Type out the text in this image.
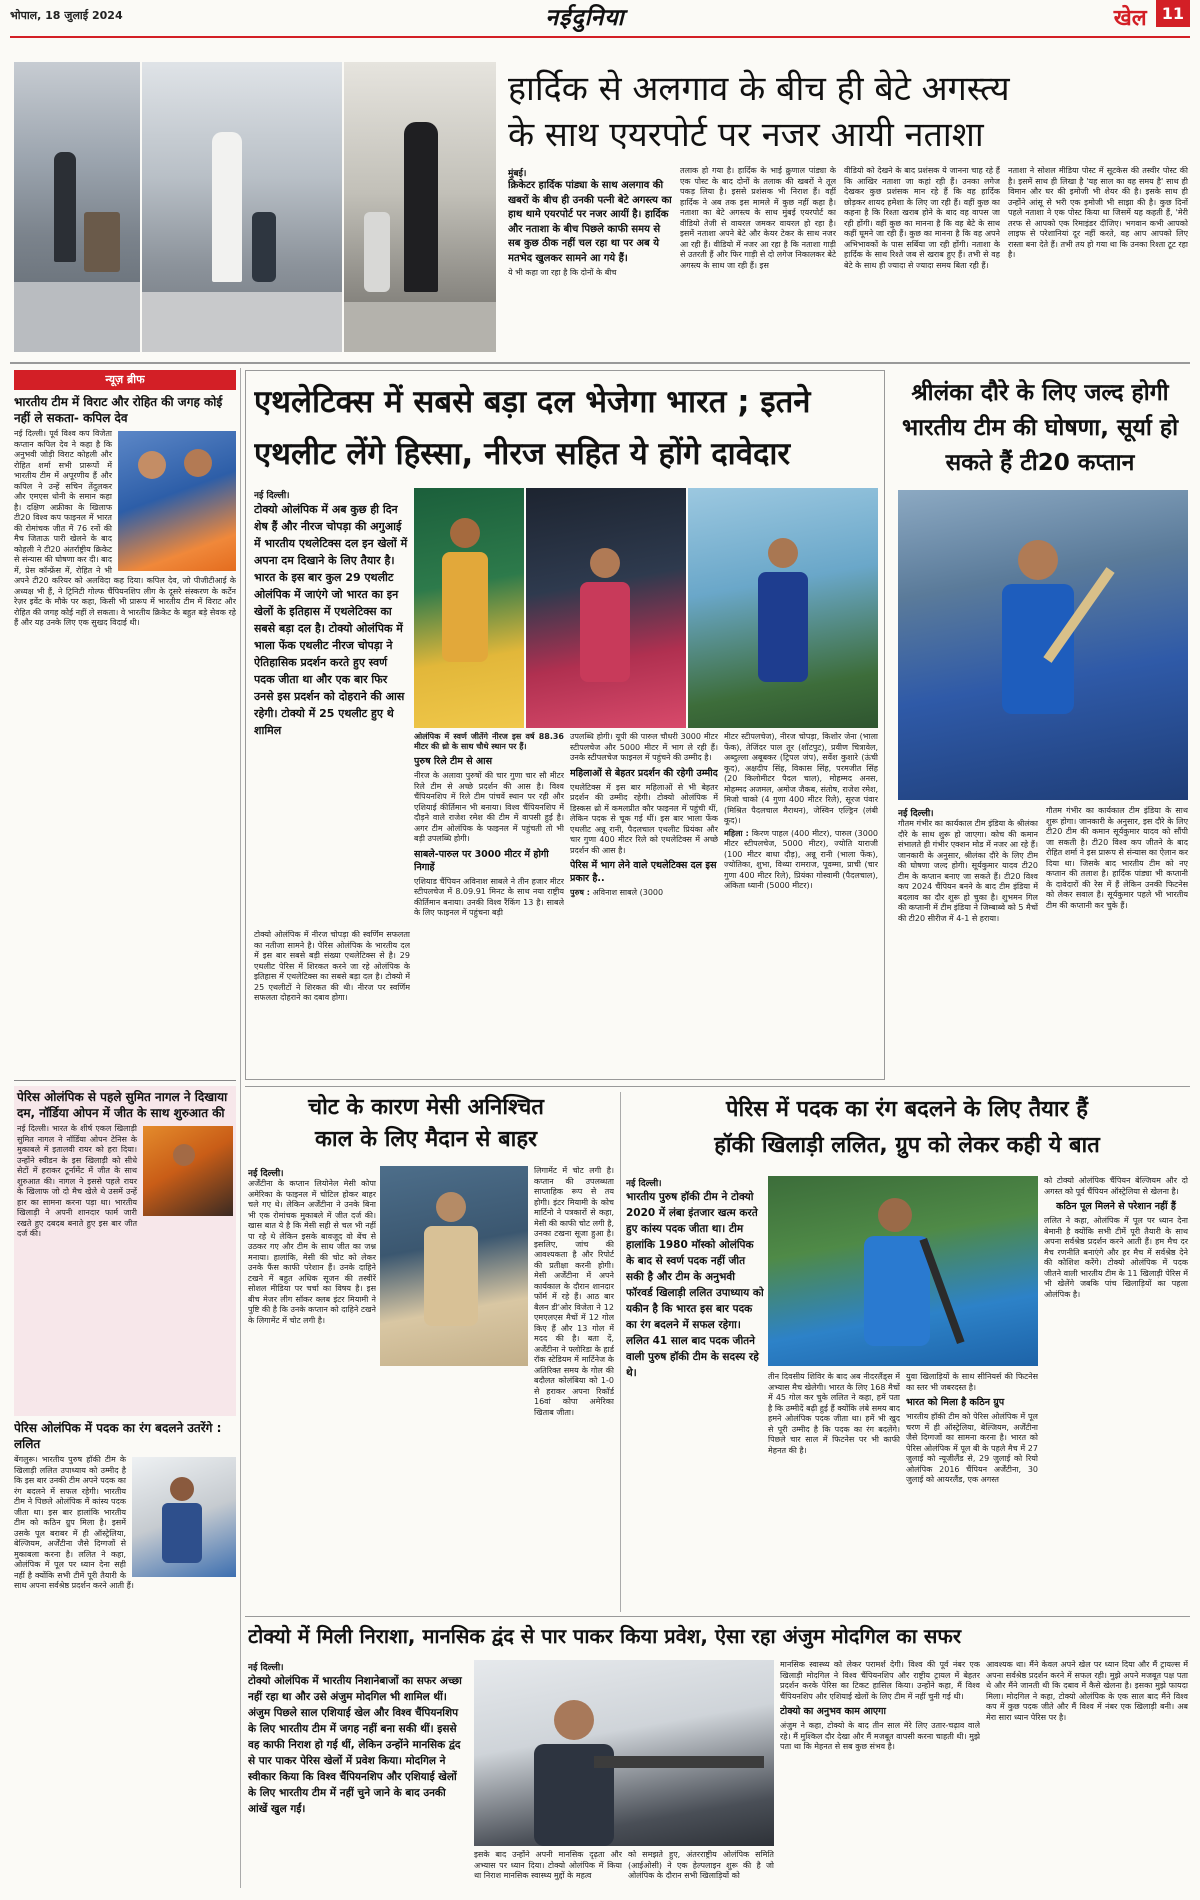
भोपाल, 18 जुलाई 2024	नईदुनिया	खेल 11
हार्दिक से अलगाव के बीच ही बेटे अगस्त्य
के साथ एयरपोर्ट पर नजर आयी नताशा
मुंबई।
क्रिकेटर हार्दिक पांड्या के साथ अलगाव की खबरों के बीच ही उनकी पत्नी बेटे अगस्त्य का हाथ थामे एयरपोर्ट पर नजर आयीं है। हार्दिक और नताशा के बीच पिछले काफी समय से सब कुछ ठीक नहीं चल रहा था पर अब ये मतभेद खुलकर सामने आ गये हैं।
ये भी कहा जा रहा है कि दोनों के बीच
तलाक हो गया है। हार्दिक के भाई क्रुणाल पांड्या के एक पोस्ट के बाद दोनों के तलाक की खबरों ने तूल पकड़ लिया है। इससे प्रशंसक भी निराश हैं। वहीं हार्दिक ने अब तक इस मामले में कुछ नहीं कहा है। नताशा का बेटे अगस्त्य के साथ मुंबई एयरपोर्ट का वीडियो तेजी से वायरल जमकर वायरल हो रहा है। इसमें नताशा अपने बेटे और केयर टेकर के साथ नजर आ रही हैं। वीडियो में नजर आ रहा है कि नताशा गाड़ी से उतरती हैं और फिर गाड़ी से दो लगेज निकालकर बेटे अगस्त्य के साथ जा रही हैं। इस
वीडियो को देखने के बाद प्रशंसक ये जानना चाह रहे हैं कि आखिर नताशा जा कहां रही हैं। उनका लगेज देखकर कुछ प्रशंसक मान रहे हैं कि वह हार्दिक छोड़कर शायद हमेशा के लिए जा रही हैं। वहीं कुछ का कहना है कि रिश्ता खराब होने के बाद वह वापस जा रही होंगी। वहीं कुछ का मानना है कि वह बेटे के साथ कहीं घूमने जा रही हैं। कुछ का मानना है कि वह अपने अभिभावकों के पास सर्बिया जा रही होंगी। नताशा के हार्दिक के साथ रिश्ते जब से खराब हुए हैं। तभी से वह बेटे के साथ ही ज्यादा से ज्यादा समय बिता रही हैं।
नताशा ने सोशल मीडिया पोस्ट में सूटकेस की तस्वीर पोस्ट की है। इसमें साथ ही लिखा है 'यह साल का वह समय है' साथ ही विमान और घर की इमोजी भी शेयर की है। इसके साथ ही उन्होंने आंसू से भरी एक इमोजी भी साझा की है। कुछ दिनों पहले नताशा ने एक पोस्ट किया था जिसमें यह कहती हैं, 'मेरी तरफ से आपको एक रिमाइंडर दीजिए। भगवान कभी आपको लाइफ से परेशानियां दूर नहीं करते, वह आप आपको लिए रास्ता बना देते हैं। तभी तय हो गया था कि उनका रिश्ता टूट रहा है।
न्यूज़ ब्रीफ
भारतीय टीम में विराट और रोहित की जगह कोई नहीं ले सकता- कपिल देव
नई दिल्ली। पूर्व विश्व कप विजेता कप्तान कपिल देव ने कहा है कि अनुभवी जोड़ी विराट कोहली और रोहित शर्मा सभी प्रारूपों में भारतीय टीम में अपूरणीय हैं और कपिल ने उन्हें सचिन तेंदुलकर और एमएस धोनी के समान कहा है। दक्षिण अफ्रीका के खिलाफ टी20 विश्व कप फाइनल में भारत की रोमांचक जीत में 76 रनों की मैच जिताऊ पारी खेलने के बाद कोहली ने टी20 अंतर्राष्ट्रीय क्रिकेट से संन्यास की घोषणा कर दी। बाद में, प्रेस कॉन्फ्रेंस में, रोहित ने भी अपने टी20 करियर को अलविदा कह दिया। कपिल देव, जो पीजीटीआई के अध्यक्ष भी हैं, ने ट्रिनिटी गोल्फ चैंपियनशिप लीग के दूसरे संस्करण के कर्टेन रेज़र इवेंट के मौके पर कहा, किसी भी प्रारूप में भारतीय टीम में विराट और रोहित की जगह कोई नहीं ले सकता। वे भारतीय क्रिकेट के बहुत बड़े सेवक रहे हैं और यह उनके लिए एक सुखद विदाई थी।
पेरिस ओलंपिक से पहले सुमित नागल ने दिखाया दम, नॉर्डिया ओपन में जीत के साथ शुरुआत की
नई दिल्ली। भारत के शीर्ष एकल खिलाड़ी सुमित नागल ने नॉर्डिया ओपन टेनिस के मुकाबले में इतालवी रायर को हरा दिया। उन्होंने स्वीडन के इस खिलाड़ी को सीधे सेटों में हराकर टूर्नामेंट में जीत के साथ शुरुआत की। नागल ने इससे पहले रायर के खिलाफ जो दो मैच खेले थे उसमें उन्हें हार का सामना करना पड़ा था। भारतीय खिलाड़ी ने अपनी शानदार फार्म जारी रखते हुए दबदब बनाते हुए इस बार जीत दर्ज की।
पेरिस ओलंपिक में पदक का रंग बदलने उतरेंगे : ललित
बेंगलुरू। भारतीय पुरुष हॉकी टीम के खिलाड़ी ललित उपाध्याय को उम्मीद है कि इस बार उनकी टीम अपने पदक का रंग बदलने में सफल रहेगी। भारतीय टीम ने पिछले ओलंपिक में कांस्य पदक जीता था। इस बार हालांकि भारतीय टीम को कठिन ग्रुप मिला है। इसमें उसके पूल बराबर में ही ऑस्ट्रेलिया, बेल्जियम, अर्जेंटीना जैसे दिग्गजों से मुकाबला करना है। ललित ने कहा, ओलंपिक में पूल पर ध्यान देना सही नहीं है क्योंकि सभी टीमें पूरी तैयारी के साथ अपना सर्वश्रेष्ठ प्रदर्शन करने आती हैं।
एथलेटिक्स में सबसे बड़ा दल भेजेगा भारत ; इतने
एथलीट लेंगे हिस्सा, नीरज सहित ये होंगे दावेदार
नई दिल्ली।
टोक्यो ओलंपिक में अब कुछ ही दिन शेष हैं और नीरज चोपड़ा की अगुआई में भारतीय एथलेटिक्स दल इन खेलों में अपना दम दिखाने के लिए तैयार है। भारत के इस बार कुल 29 एथलीट ओलंपिक में जाएंगे जो भारत का इन खेलों के इतिहास में एथलेटिक्स का सबसे बड़ा दल है। टोक्यो ओलंपिक में भाला फेंक एथलीट नीरज चोपड़ा ने ऐतिहासिक प्रदर्शन करते हुए स्वर्ण पदक जीता था और एक बार फिर उनसे इस प्रदर्शन को दोहराने की आस रहेगी। टोक्यो में 25 एथलीट हुए थे शामिल
टोक्यो ओलंपिक में नीरज चोपड़ा की स्वर्णिम सफलता का नतीजा सामने है। पेरिस ओलंपिक के भारतीय दल में इस बार सबसे बड़ी संख्या एथलेटिक्स से है। 29 एथलीट पेरिस में शिरकत करने जा रहे ओलंपिक के इतिहास में एथलेटिक्स का सबसे बड़ा दल है। टोक्यो में 25 एथलीटों ने शिरकत की थी। नीरज पर स्वर्णिम सफलता दोहराने का दबाव होगा।
ओलंपिक में स्वर्ण जीतेंगे नीरज इस वर्ष 88.36 मीटर की थ्रो के साथ चौथे स्थान पर हैं।
पुरुष रिले टीम से आस
नीरज के अलावा पुरुषों की चार गुणा चार सौ मीटर रिले टीम से अच्छे प्रदर्शन की आस है। विश्व चैंपियनशिप में रिले टीम पांचवें स्थान पर रही और एशियाई कीर्तिमान भी बनाया। विश्व चैंपियनशिप में दौड़ने वाले राजेश रमेश की टीम में वापसी हुई है। अगर टीम ओलंपिक के फाइनल में पहुंचती तो भी बड़ी उपलब्धि होगी।
साबले-पारुल पर 3000 मीटर में होगी निगाहें
एशियाड चैंपियन अविनाश साबले ने तीन हजार मीटर स्टीपलचेज में 8.09.91 मिनट के साथ नया राष्ट्रीय कीर्तिमान बनाया। उनकी विश्व रैंकिंग 13 है। साबले के लिए फाइनल में पहुंचना बड़ी
उपलब्धि होगी। यूपी की पारुल चौधरी 3000 मीटर स्टीपलचेज और 5000 मीटर में भाग ले रही हैं। उनके स्टीपलचेज फाइनल में पहुंचने की उम्मीद है।
महिलाओं से बेहतर प्रदर्शन की रहेगी उम्मीद
एथलेटिक्स में इस बार महिलाओं से भी बेहतर प्रदर्शन की उम्मीद रहेगी। टोक्यो ओलंपिक में डिस्कस थ्रो में कमलप्रीत कौर फाइनल में पहुंची थीं, लेकिन पदक से चूक गई थीं। इस बार भाला फेंक एथलीट अन्नू रानी, पैदलचाल एथलीट प्रियंका और चार गुणा 400 मीटर रिले को एथलेटिक्स में अच्छे प्रदर्शन की आस है।
पेरिस में भाग लेने वाले एथलेटिक्स दल इस प्रकार है..
पुरुष : अविनाश साबले (3000
मीटर स्टीपलचेज), नीरज चोपड़ा, किशोर जेना (भाला फेंक), तेजिंदर पाल तूर (शॉटपुट), प्रवीण चित्रावेल, अब्दुल्ला अबूबकर (ट्रिपल जंप), सर्वेश कुशारे (ऊंची कूद), अक्षदीप सिंह, विकास सिंह, परमजीत सिंह (20 किलोमीटर पैदल चाल), मोहम्मद अनस, मोहम्मद अजमल, अमोज जैकब, संतोष, राजेश रमेश, मिजो चाको (4 गुणा 400 मीटर रिले), सूरज पंवार (मिश्रित पैदलचाल मैराथन), जेस्विन एल्ड्रिन (लंबी कूद)।
महिला : किरण पाहल (400 मीटर), पारुल (3000 मीटर स्टीपलचेज, 5000 मीटर), ज्योति याराजी (100 मीटर बाधा दौड़), अन्नू रानी (भाला फेंक), ज्योतिका, शुभा, विथ्या रामराज, पूवम्मा, प्राची (चार गुणा 400 मीटर रिले), प्रियंका गोस्वामी (पैदलचाल), अंकिता ध्यानी (5000 मीटर)।
श्रीलंका दौरे के लिए जल्द होगी भारतीय टीम की घोषणा, सूर्या हो सकते हैं टी20 कप्तान
नई दिल्ली।
गौतम गंभीर का कार्यकाल टीम इंडिया के श्रीलंका दौरे के साथ शुरू हो जाएगा। कोच की कमान संभालते ही गंभीर एक्शन मोड में नजर आ रहे हैं। जानकारी के अनुसार, श्रीलंका दौरे के लिए टीम की घोषणा जल्द होगी। सूर्यकुमार यादव टी20 टीम के कप्तान बनाए जा सकते हैं। टी20 विश्व कप 2024 चैंपियन बनने के बाद टीम इंडिया में बदलाव का दौर शुरू हो चुका है। शुभमन गिल की कप्तानी में टीम इंडिया ने जिम्बाब्वे को 5 मैचों की टी20 सीरीज में 4-1 से हराया।
गौतम गंभीर का कार्यकाल टीम इंडिया के साथ शुरू होगा। जानकारी के अनुसार, इस दौरे के लिए टी20 टीम की कमान सूर्यकुमार यादव को सौंपी जा सकती है। टी20 विश्व कप जीतने के बाद रोहित शर्मा ने इस प्रारूप से संन्यास का ऐलान कर दिया था। जिसके बाद भारतीय टीम को नए कप्तान की तलाश है। हार्दिक पांड्या भी कप्तानी के दावेदारों की रेस में हैं लेकिन उनकी फिटनेस को लेकर सवाल है। सूर्यकुमार पहले भी भारतीय टीम की कप्तानी कर चुके हैं।
चोट के कारण मेसी अनिश्चित
काल के लिए मैदान से बाहर
नई दिल्ली।
अर्जेंटीना के कप्तान लियोनेल मेसी कोपा अमेरिका के फाइनल में चोटिल होकर बाहर चले गए थे। लेकिन अर्जेंटीना ने उनके बिना भी एक रोमांचक मुकाबले में जीत दर्ज की। खास बात ये है कि मेसी सही से चल भी नहीं पा रहे थे लेकिन इसके बावजूद वो बेंच से उठकर गए और टीम के साथ जीत का जश्न मनाया। हालांकि, मेसी की चोट को लेकर उनके फैंस काफी परेशान हैं। उनके दाहिने टखने में बहुत अधिक सूजन की तस्वीरें सोशल मीडिया पर चर्चा का विषय है। इस बीच मेजर लीग सॉकर क्लब इंटर मियामी ने पुष्टि की है कि उनके कप्तान को दाहिने टखने के लिगामेंट में चोट लगी है।
लिगामेंट में चोट लगी है। कप्तान की उपलब्धता साप्ताहिक रूप से तय होगी। इंटर मियामी के कोच मार्टिनो ने पत्रकारों से कहा, मेसी की काफी चोट लगी है, उनका टखना सूजा हुआ है। इसलिए, जांच की आवश्यकता है और रिपोर्ट की प्रतीक्षा करनी होगी। मेसी अर्जेंटीना में अपने कार्यकाल के दौरान शानदार फॉर्म में रहे हैं। आठ बार बैलन डी'ओर विजेता ने 12 एमएलएस मैचों में 12 गोल किए हैं और 13 गोल में मदद की है। बता दें, अर्जेंटीना ने फ्लोरिडा के हार्ड रॉक स्टेडियम में मार्टिनेज के अतिरिक्त समय के गोल की बदौलत कोलंबिया को 1-0 से हराकर अपना रिकॉर्ड 16वां कोपा अमेरिका खिताब जीता।
पेरिस में पदक का रंग बदलने के लिए तैयार हैं
हॉकी खिलाड़ी ललित, ग्रुप को लेकर कही ये बात
नई दिल्ली।
भारतीय पुरुष हॉकी टीम ने टोक्यो 2020 में लंबा इंतजार खत्म करते हुए कांस्य पदक जीता था। टीम हालांकि 1980 मॉस्को ओलंपिक के बाद से स्वर्ण पदक नहीं जीत सकी है और टीम के अनुभवी फॉरवर्ड खिलाड़ी ललित उपाध्याय को यकीन है कि भारत इस बार पदक का रंग बदलने में सफल रहेगा। ललित 41 साल बाद पदक जीतने वाली पुरुष हॉकी टीम के सदस्य रहे थे।	तीन दिवसीय शिविर के बाद अब नीदरलैंड्स में अभ्यास मैच खेलेगी। भारत के लिए 168 मैचों में 45 गोल कर चुके ललित ने कहा, हमें पता है कि उम्मीदें बढ़ी हुई हैं क्योंकि लंबे समय बाद हमने ओलंपिक पदक जीता था। हमें भी खुद से पूरी उम्मीद है कि पदक का रंग बदलेंगे। पिछले चार साल में फिटनेस पर भी काफी मेहनत की है।
युवा खिलाड़ियों के साथ सीनियर्स की फिटनेस का स्तर भी जबरदस्त है।
भारत को मिला है कठिन ग्रुप
भारतीय हॉकी टीम को पेरिस ओलंपिक में पूल चरण में ही ऑस्ट्रेलिया, बेल्जियम, अर्जेंटीना जैसे दिग्गजों का सामना करना है। भारत को पेरिस ओलंपिक में पूल बी के पहले मैच में 27 जुलाई को न्यूजीलैंड से, 29 जुलाई को रियो ओलंपिक 2016 चैंपियन अर्जेंटीना, 30 जुलाई को आयरलैंड, एक अगस्त
को टोक्यो ओलंपिक चैंपियन बेल्जियम और दो अगस्त को पूर्व चैंपियन ऑस्ट्रेलिया से खेलना है।
कठिन पूल मिलने से परेशान नहीं हैं
ललित ने कहा, ओलंपिक में पूल पर ध्यान देना बेमानी है क्योंकि सभी टीमें पूरी तैयारी के साथ अपना सर्वश्रेष्ठ प्रदर्शन करने आती हैं। हम मैच दर मैच रणनीति बनाएंगे और हर मैच में सर्वश्रेष्ठ देने की कोशिश करेंगे। टोक्यो ओलंपिक में पदक जीतने वाली भारतीय टीम के 11 खिलाड़ी पेरिस में भी खेलेंगे जबकि पांच खिलाड़ियों का पहला ओलंपिक है।
टोक्यो में मिली निराशा, मानसिक द्वंद से पार पाकर किया प्रवेश, ऐसा रहा अंजुम मोदगिल का सफर
नई दिल्ली।
टोक्यो ओलंपिक में भारतीय निशानेबाजों का सफर अच्छा नहीं रहा था और उसे अंजुम मोदगिल भी शामिल थीं। अंजुम पिछले साल एशियाई खेल और विश्व चैंपियनशिप के लिए भारतीय टीम में जगह नहीं बना सकी थीं। इससे वह काफी निराश हो गई थीं, लेकिन उन्होंने मानसिक द्वंद से पार पाकर पेरिस खेलों में प्रवेश किया। मोदगिल ने स्वीकार किया कि विश्व चैंपियनशिप और एशियाई खेलों के लिए भारतीय टीम में नहीं चुने जाने के बाद उनकी आंखें खुल गईं।
इसके बाद उन्होंने अपनी मानसिक दृढ़ता और अभ्यास पर ध्यान दिया। टोक्यो ओलंपिक में किया था निराश मानसिक स्वास्थ्य मुद्दों के महत्व
को समझते हुए, अंतरराष्ट्रीय ओलंपिक समिति (आईओसी) ने एक हेल्पलाइन शुरू की है जो ओलंपिक के दौरान सभी खिलाड़ियों को
मानसिक स्वास्थ्य को लेकर परामर्श देगी। विश्व की पूर्व नंबर एक खिलाड़ी मोदगिल ने विश्व चैंपियनशिप और राष्ट्रीय ट्रायल में बेहतर प्रदर्शन करके पेरिस का टिकट हासिल किया। उन्होंने कहा, मैं विश्व चैंपियनशिप और एशियाई खेलों के लिए टीम में नहीं चुनी गई थी।
टोक्यो का अनुभव काम आएगा
अंजुम ने कहा, टोक्यो के बाद तीन साल मेरे लिए उतार-चढ़ाव वाले रहे। मैं मुश्किल दौर देखा और मैं मजबूत वापसी करना चाहती थी। मुझे पता था कि मेहनत से सब कुछ संभव है।
आवश्यक था। मैंने केवल अपने खेल पर ध्यान दिया और मैं ट्रायल्स में अपना सर्वश्रेष्ठ प्रदर्शन करने में सफल रही। मुझे अपने मजबूत पक्ष पता थे और मैंने जानती थी कि दबाव में कैसे खेलना है। इसका मुझे फायदा मिला। मोदगिल ने कहा, टोक्यो ओलंपिक के एक साल बाद मैंने विश्व कप में कुछ पदक जीते और मैं विश्व में नंबर एक खिलाड़ी बनी। अब मेरा सारा ध्यान पेरिस पर है।
